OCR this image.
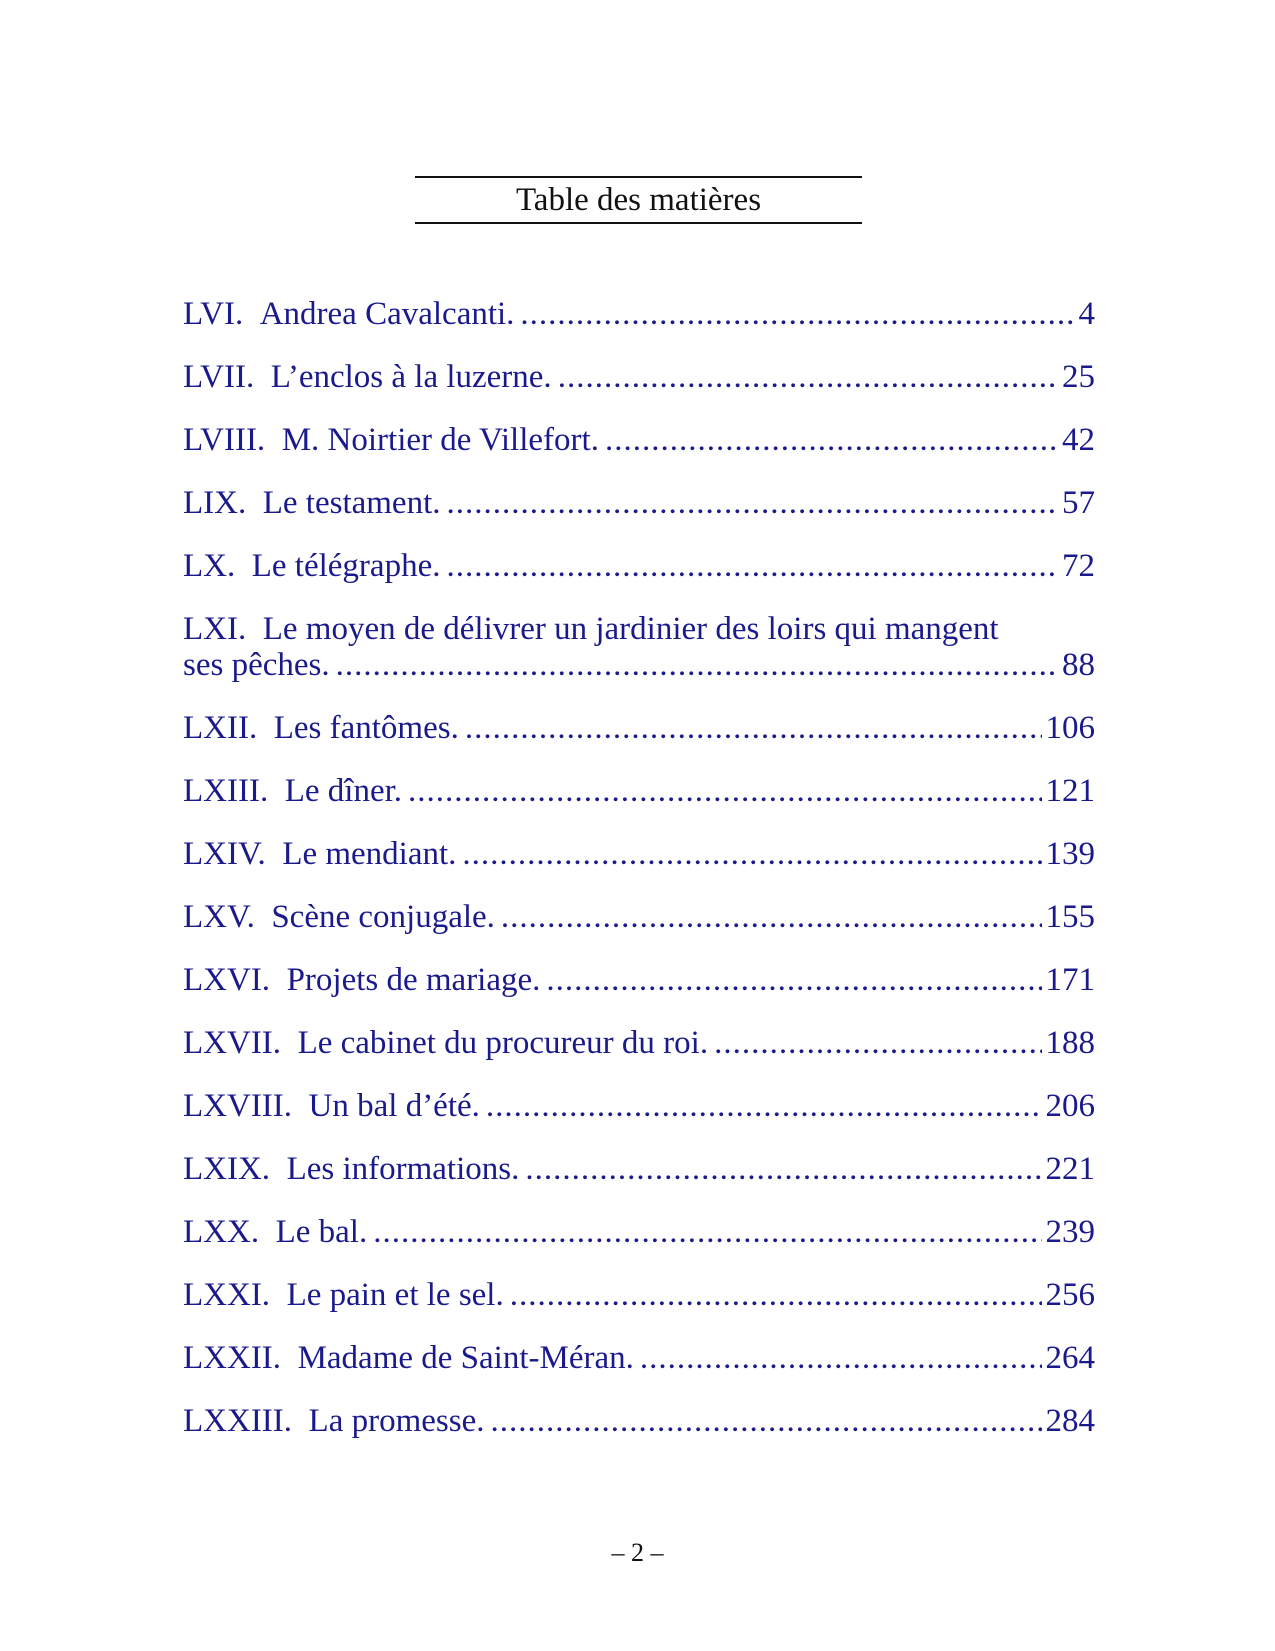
Table des matières
LVI.
Andrea Cavalcanti. .....	4
LVII.
L’enclos à la luzerne. .....	25
LVIII.
M. Noirtier de Villefort. .....	42
LIX.
Le testament. .....	57
LX.
Le télégraphe. .....	72
LXI. Le moyen de délivrer un jardinier des loirs qui mangent
ses pêches. .....	88
LXII.
Les fantômes. .....	106
LXIII.
Le dîner. .....	121
LXIV.
Le mendiant. .....	139
LXV.
Scène conjugale. .....	155
LXVI.
Projets de mariage. .....	171
LXVII.
Le cabinet du procureur du roi. .....	188
LXVIII.
Un bal d’été. .....	206
LXIX.
Les informations. .....	221
LXX.
Le bal. .....	239
LXXI.
Le pain et le sel. .....	256
LXXII.
Madame de Saint-Méran. .....	264
LXXIII.
La promesse. .....	284
– 2 –
